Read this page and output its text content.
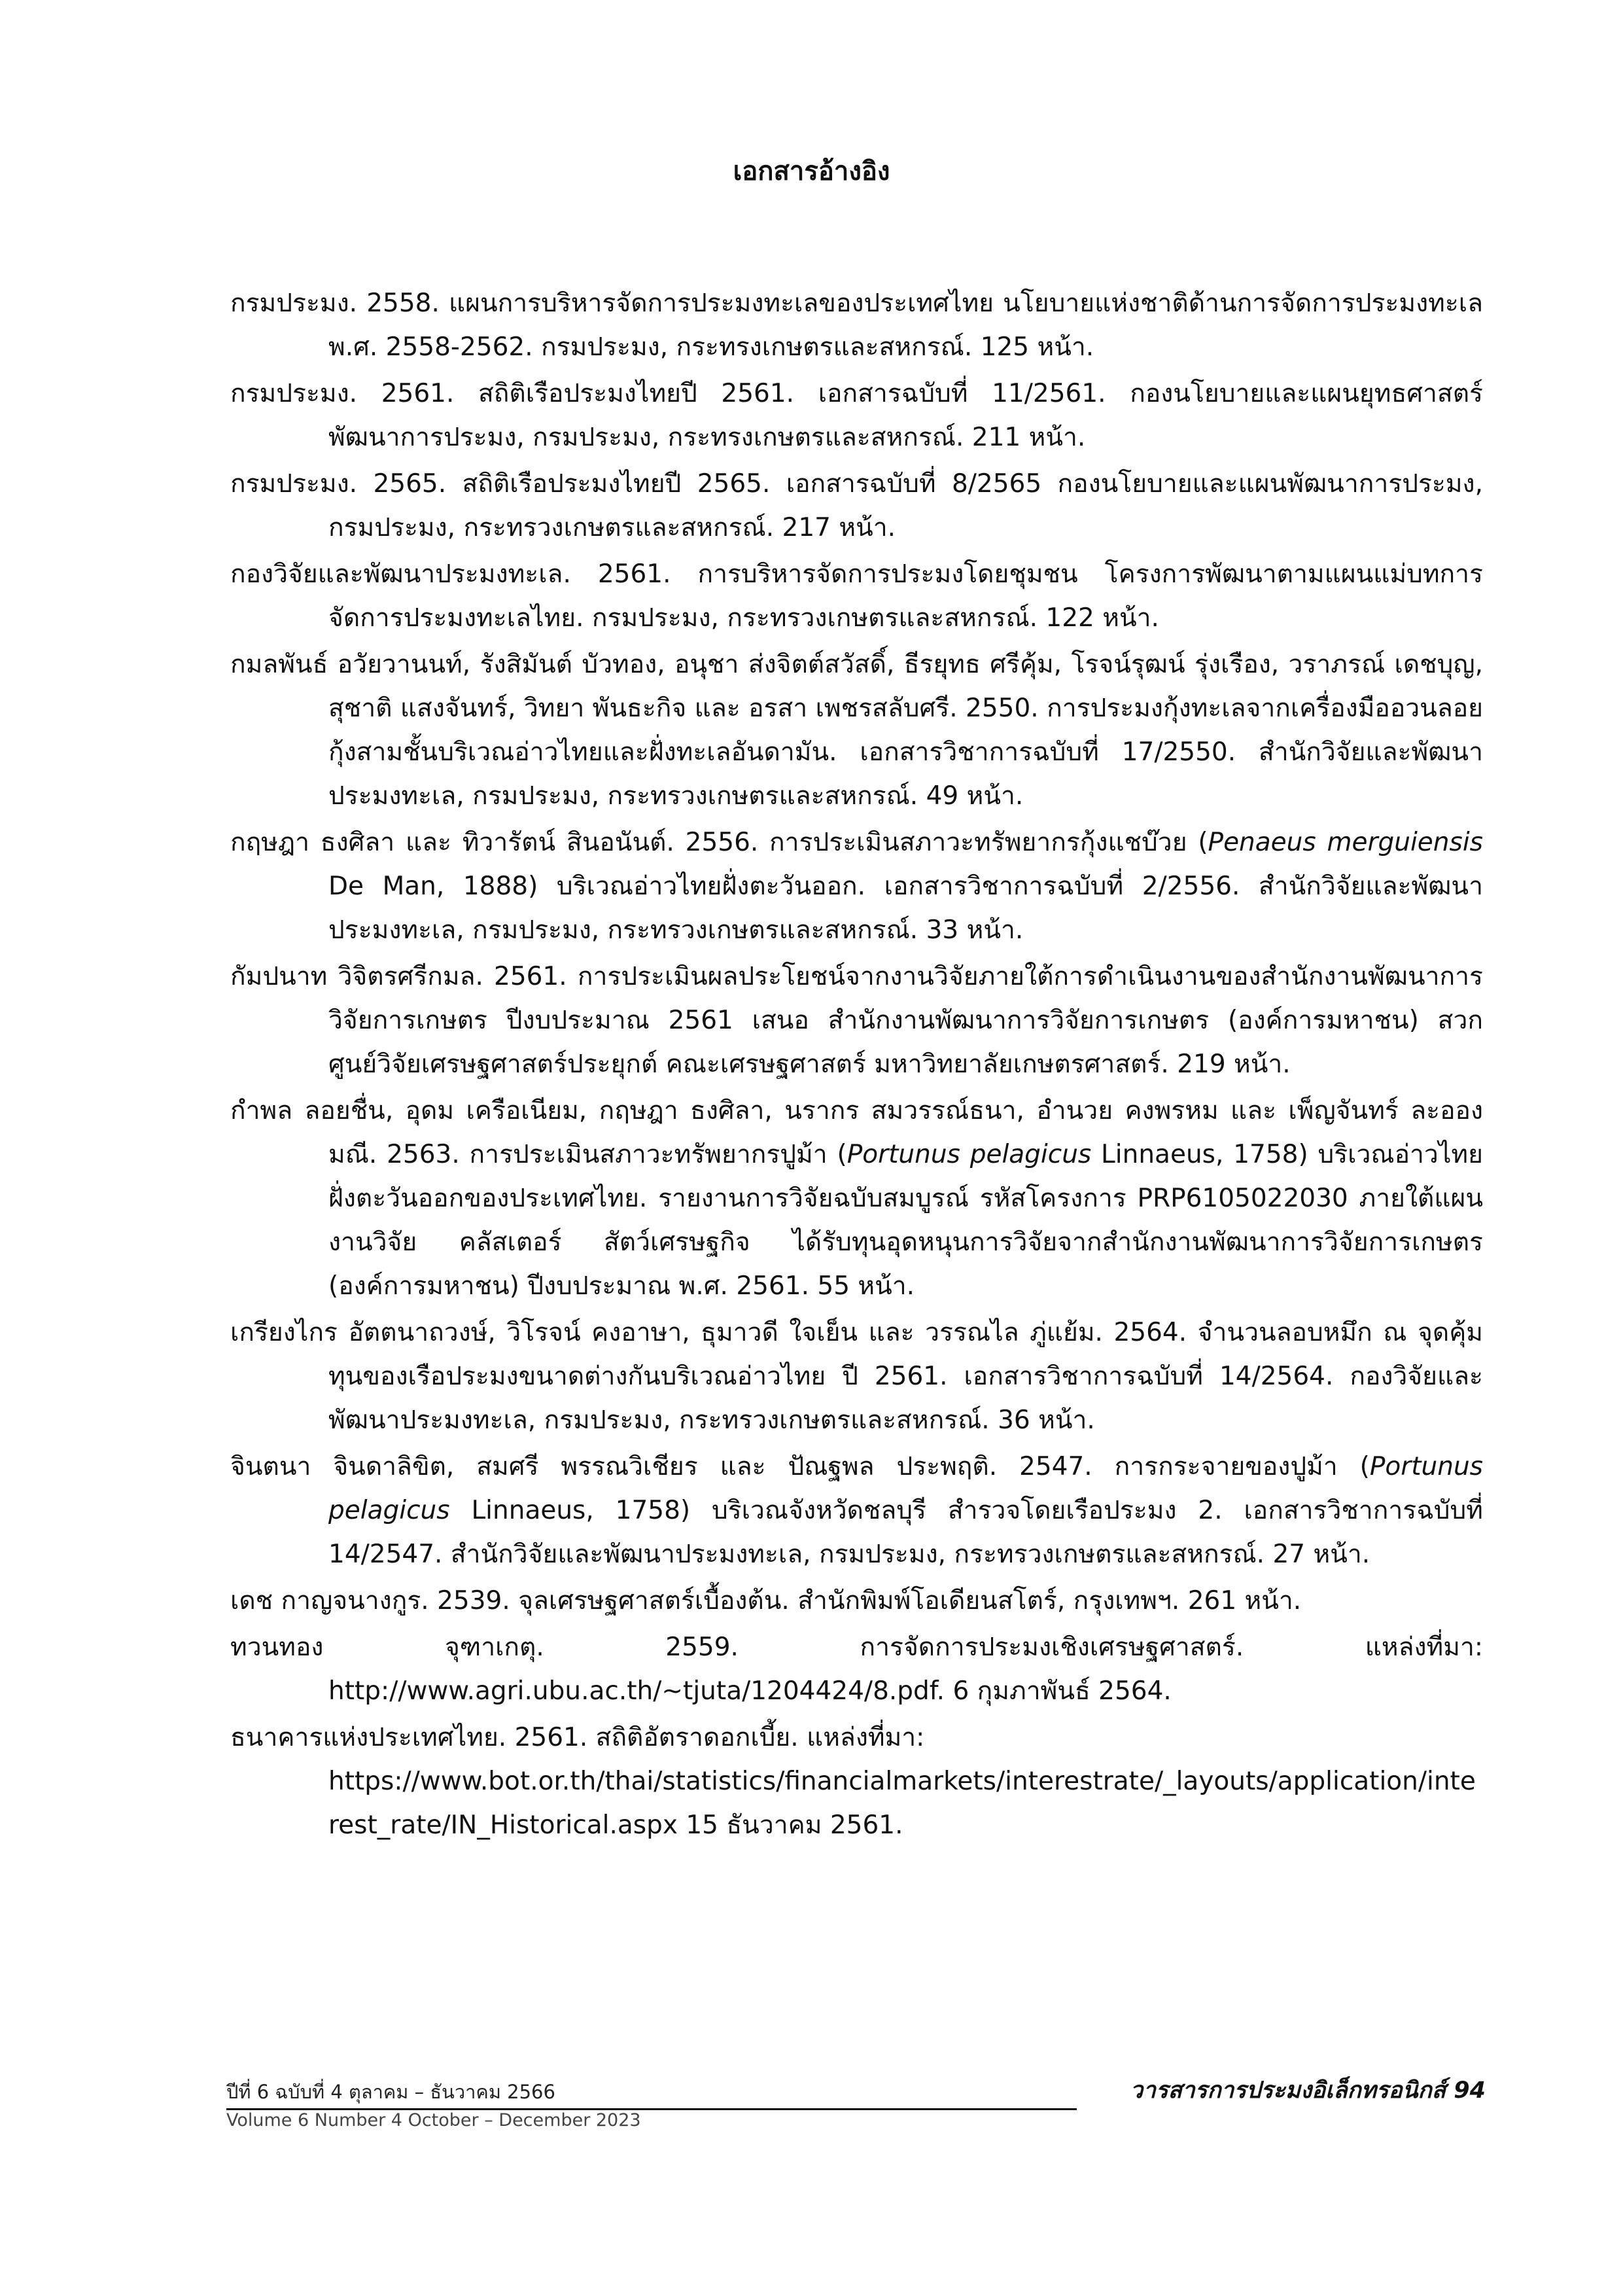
เอกสารอ้างอิง

กรมประมง. 2558. แผนการบริหารจัดการประมงทะเลของประเทศไทย นโยบายแห่งชาติด้านการจัดการประมงทะเล พ.ศ. 2558-2562. กรมประมง, กระทรงเกษตรและสหกรณ์. 125 หน้า.

กรมประมง. 2561. สถิติเรือประมงไทยปี 2561. เอกสารฉบับที่ 11/2561. กองนโยบายและแผนยุทธศาสตร์พัฒนาการประมง, กรมประมง, กระทรงเกษตรและสหกรณ์. 211 หน้า.

กรมประมง. 2565. สถิติเรือประมงไทยปี 2565. เอกสารฉบับที่ 8/2565 กองนโยบายและแผนพัฒนาการประมง, กรมประมง, กระทรวงเกษตรและสหกรณ์. 217 หน้า.

กองวิจัยและพัฒนาประมงทะเล. 2561. การบริหารจัดการประมงโดยชุมชน โครงการพัฒนาตามแผนแม่บทการจัดการประมงทะเลไทย. กรมประมง, กระทรวงเกษตรและสหกรณ์. 122 หน้า.

กมลพันธ์ อวัยวานนท์, รังสิมันต์ บัวทอง, อนุชา ส่งจิตต์สวัสดิ์, ธีรยุทธ ศรีคุ้ม, โรจน์รุฒน์ รุ่งเรือง, วราภรณ์ เดชบุญ, สุชาติ แสงจันทร์, วิทยา พันธะกิจ และ อรสา เพชรสลับศรี. 2550. การประมงกุ้งทะเลจากเครื่องมืออวนลอยกุ้งสามชั้นบริเวณอ่าวไทยและฝั่งทะเลอันดามัน. เอกสารวิชาการฉบับที่ 17/2550. สำนักวิจัยและพัฒนาประมงทะเล, กรมประมง, กระทรวงเกษตรและสหกรณ์. 49 หน้า.

กฤษฎา ธงศิลา และ ทิวารัตน์ สินอนันต์. 2556. การประเมินสภาวะทรัพยากรกุ้งแชบ๊วย (Penaeus merguiensis De Man, 1888) บริเวณอ่าวไทยฝั่งตะวันออก. เอกสารวิชาการฉบับที่ 2/2556. สำนักวิจัยและพัฒนาประมงทะเล, กรมประมง, กระทรวงเกษตรและสหกรณ์. 33 หน้า.

กัมปนาท วิจิตรศรีกมล. 2561. การประเมินผลประโยชน์จากงานวิจัยภายใต้การดำเนินงานของสำนักงานพัฒนาการวิจัยการเกษตร ปีงบประมาณ 2561 เสนอ สำนักงานพัฒนาการวิจัยการเกษตร (องค์การมหาชน) สวกศูนย์วิจัยเศรษฐศาสตร์ประยุกต์ คณะเศรษฐศาสตร์ มหาวิทยาลัยเกษตรศาสตร์. 219 หน้า.

กำพล ลอยชื่น, อุดม เครือเนียม, กฤษฎา ธงศิลา, นรากร สมวรรณ์ธนา, อำนวย คงพรหม และ เพ็ญจันทร์ ละอองมณี. 2563. การประเมินสภาวะทรัพยากรปูม้า (Portunus pelagicus Linnaeus, 1758) บริเวณอ่าวไทยฝั่งตะวันออกของประเทศไทย. รายงานการวิจัยฉบับสมบูรณ์ รหัสโครงการ PRP6105022030 ภายใต้แผนงานวิจัย คลัสเตอร์ สัตว์เศรษฐกิจ ได้รับทุนอุดหนุนการวิจัยจากสำนักงานพัฒนาการวิจัยการเกษตร (องค์การมหาชน) ปีงบประมาณ พ.ศ. 2561. 55 หน้า.

เกรียงไกร อัตตนาถวงษ์, วิโรจน์ คงอาษา, ธุมาวดี ใจเย็น และ วรรณไล ภู่แย้ม. 2564. จำนวนลอบหมึก ณ จุดคุ้มทุนของเรือประมงขนาดต่างกันบริเวณอ่าวไทย ปี 2561. เอกสารวิชาการฉบับที่ 14/2564. กองวิจัยและพัฒนาประมงทะเล, กรมประมง, กระทรวงเกษตรและสหกรณ์. 36 หน้า.

จินตนา จินดาลิขิต, สมศรี พรรณวิเชียร และ ปัณฐพล ประพฤติ. 2547. การกระจายของปูม้า (Portunus pelagicus Linnaeus, 1758) บริเวณจังหวัดชลบุรี สำรวจโดยเรือประมง 2. เอกสารวิชาการฉบับที่ 14/2547. สำนักวิจัยและพัฒนาประมงทะเล, กรมประมง, กระทรวงเกษตรและสหกรณ์. 27 หน้า.

เดช กาญจนางกูร. 2539. จุลเศรษฐศาสตร์เบื้องต้น. สำนักพิมพ์โอเดียนสโตร์, กรุงเทพฯ. 261 หน้า.

ทวนทอง จุฑาเกตุ. 2559. การจัดการประมงเชิงเศรษฐศาสตร์. แหล่งที่มา: http://www.agri.ubu.ac.th/~tjuta/1204424/8.pdf. 6 กุมภาพันธ์ 2564.

ธนาคารแห่งประเทศไทย. 2561. สถิติอัตราดอกเบี้ย. แหล่งที่มา:
https://www.bot.or.th/thai/statistics/financialmarkets/interestrate/_layouts/application/interest_rate/IN_Historical.aspx 15 ธันวาคม 2561.

ปีที่ 6 ฉบับที่ 4 ตุลาคม – ธันวาคม 2566
Volume 6 Number 4 October – December 2023
วารสารการประมงอิเล็กทรอนิกส์ 94
